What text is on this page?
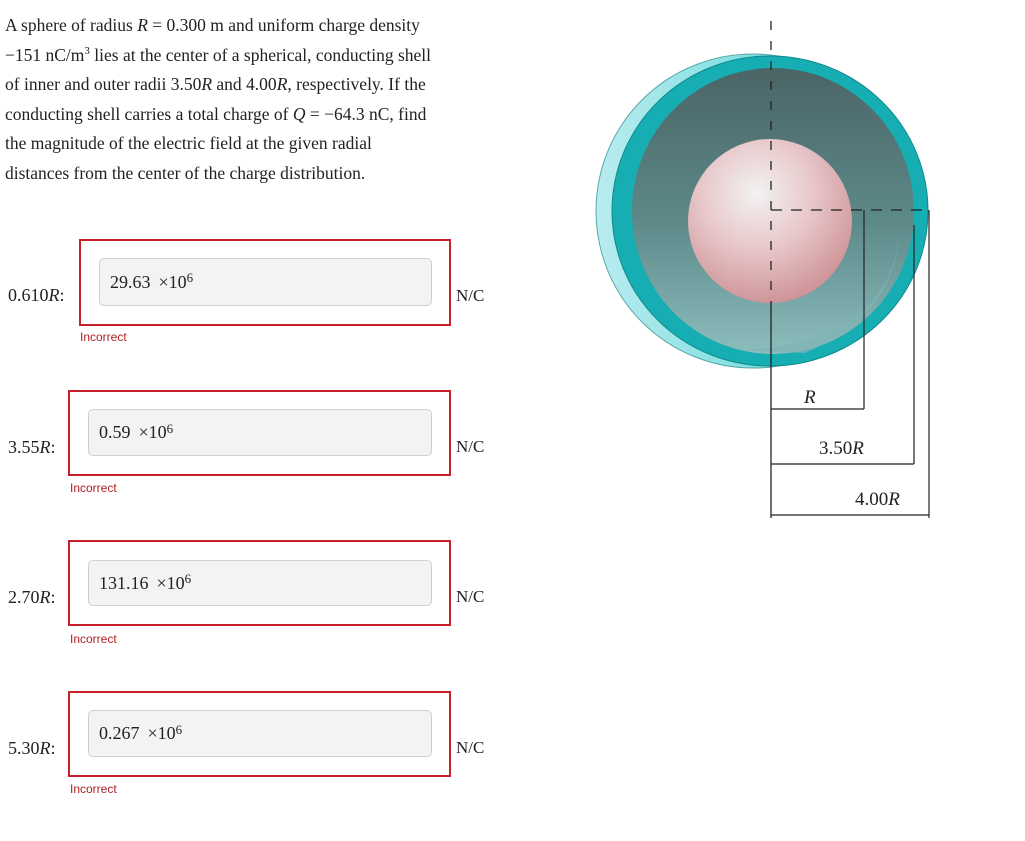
A sphere of radius R = 0.300 m and uniform charge density
−151 $nC/m^3$ lies at the center of a spherical, conducting shell
of inner and outer radii 3.50R and 4.00R, respectively. If the
conducting shell carries a total charge of Q = −64.3 nC, find
the magnitude of the electric field at the given radial
distances from the center of the charge distribution.
0.610R:
$29.63 \times 10^6$
N/C
Incorrect
3.55R:
$0.59 \times 10^6$
N/C
Incorrect
2.70R:
$131.16 \times 10^6$
N/C
Incorrect
5.30R:
$0.267 \times 10^6$
N/C
Incorrect
R
3.50R
4.00R
